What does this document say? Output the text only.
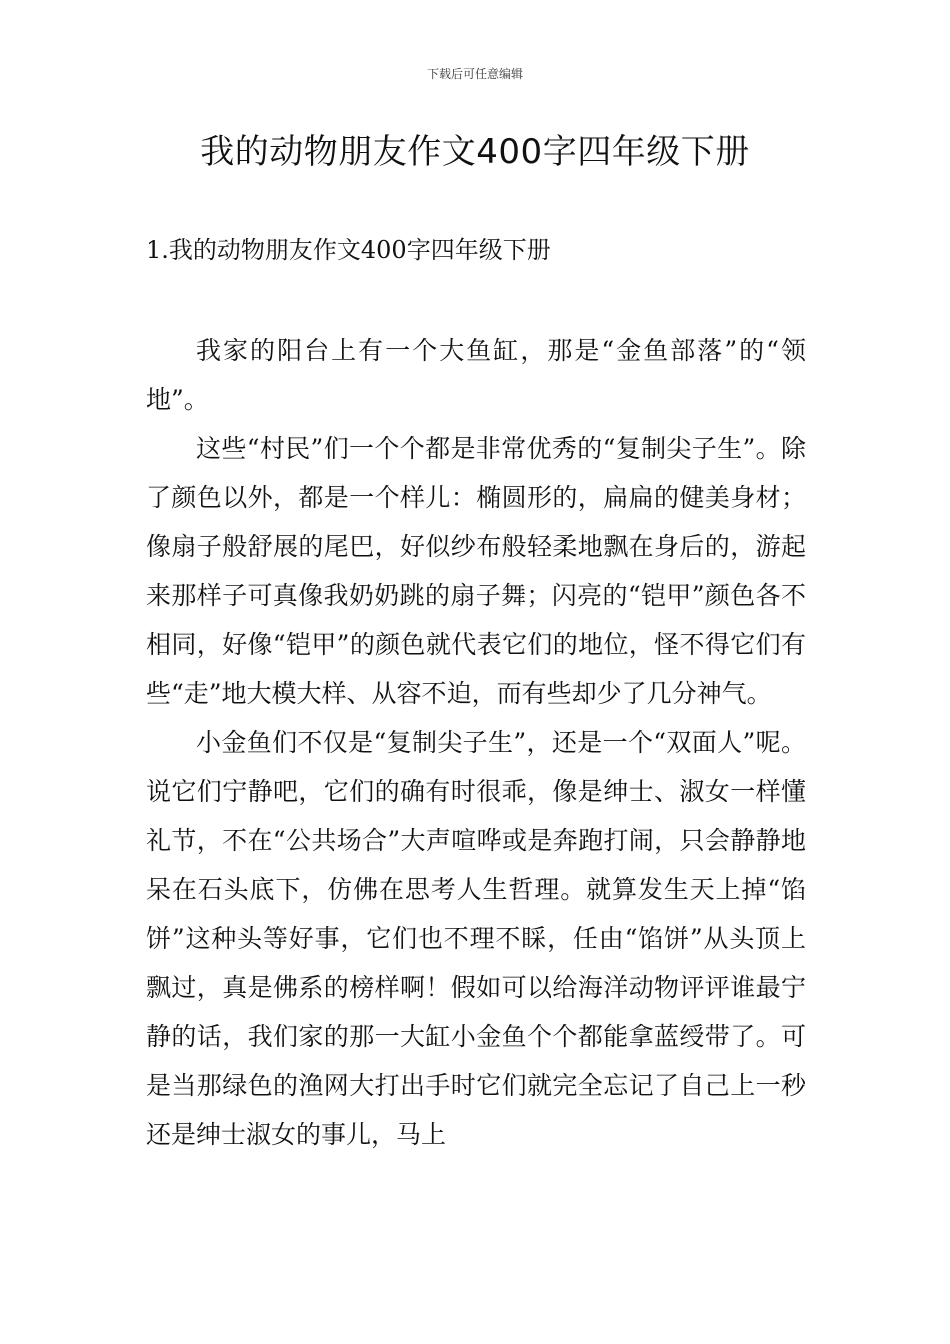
下载后可任意编辑
我的动物朋友作文400字四年级下册
1.我的动物朋友作文400字四年级下册

我家的阳台上有一个大鱼缸，那是“金鱼部落”的“领地”。

这些“村民”们一个个都是非常优秀的“复制尖子生”。除了颜色以外，都是一个样儿：椭圆形的，扁扁的健美身材；像扇子般舒展的尾巴，好似纱布般轻柔地飘在身后的，游起来那样子可真像我奶奶跳的扇子舞；闪亮的“铠甲”颜色各不相同，好像“铠甲”的颜色就代表它们的地位，怪不得它们有些“走”地大模大样、从容不迫，而有些却少了几分神气。

小金鱼们不仅是“复制尖子生”，还是一个“双面人”呢。说它们宁静吧，它们的确有时很乖，像是绅士、淑女一样懂礼节，不在“公共场合”大声喧哗或是奔跑打闹，只会静静地呆在石头底下，仿佛在思考人生哲理。就算发生天上掉“馅饼”这种头等好事，它们也不理不睬，任由“馅饼”从头顶上飘过，真是佛系的榜样啊！假如可以给海洋动物评评谁最宁静的话，我们家的那一大缸小金鱼个个都能拿蓝绶带了。可是当那绿色的渔网大打出手时它们就完全忘记了自己上一秒还是绅士淑女的事儿，马上
